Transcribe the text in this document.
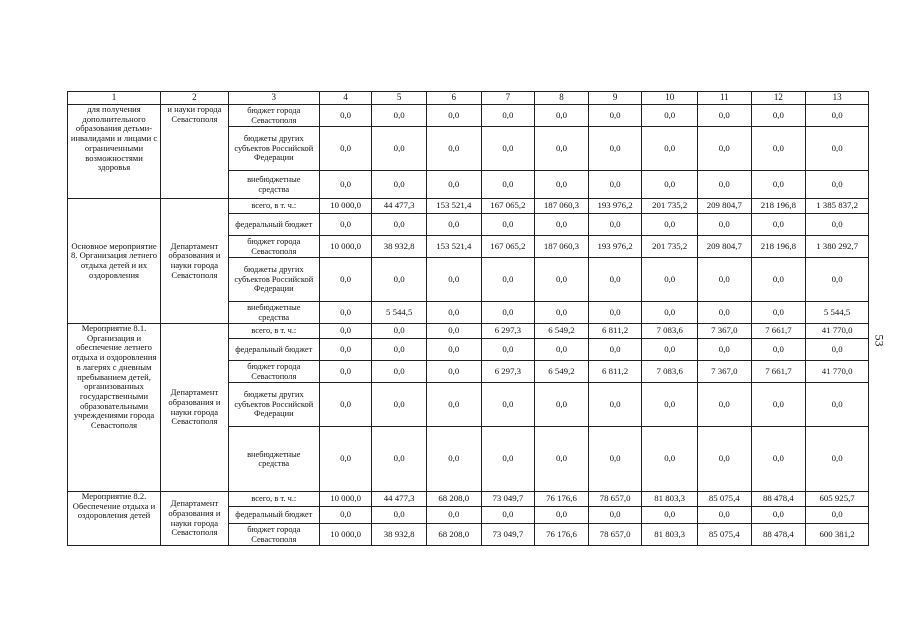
1	2	3	4	5	6	7	8	9	10	11	12	13
для получения дополнительного образования детьми-инвалидами и лицами с ограниченными возможностями здоровья	и науки города Севастополя	бюджет города Севастополя	0,0	0,0	0,0	0,0	0,0	0,0	0,0	0,0	0,0	0,0
		бюджеты других субъектов Российской Федерации	0,0	0,0	0,0	0,0	0,0	0,0	0,0	0,0	0,0	0,0
		внебюджетные средства	0,0	0,0	0,0	0,0	0,0	0,0	0,0	0,0	0,0	0,0
Основное мероприятие 8. Организация летнего отдыха детей и их оздоровления	Департамент образования и науки города Севастополя	всего, в т. ч.:	10 000,0	44 477,3	153 521,4	167 065,2	187 060,3	193 976,2	201 735,2	209 804,7	218 196,8	1 385 837,2
		федеральный бюджет	0,0	0,0	0,0	0,0	0,0	0,0	0,0	0,0	0,0	0,0
		бюджет города Севастополя	10 000,0	38 932,8	153 521,4	167 065,2	187 060,3	193 976,2	201 735,2	209 804,7	218 196,8	1 380 292,7
		бюджеты других субъектов Российской Федерации	0,0	0,0	0,0	0,0	0,0	0,0	0,0	0,0	0,0	0,0
		внебюджетные средства	0,0	5 544,5	0,0	0,0	0,0	0,0	0,0	0,0	0,0	5 544,5
Мероприятие 8.1. Организация и обеспечение летнего отдыха и оздоровления в лагерях с дневным пребыванием детей, организованных государственными образовательными учреждениями города Севастополя	Департамент образования и науки города Севастополя	всего, в т. ч.:	0,0	0,0	0,0	6 297,3	6 549,2	6 811,2	7 083,6	7 367,0	7 661,7	41 770,0
		федеральный бюджет	0,0	0,0	0,0	0,0	0,0	0,0	0,0	0,0	0,0	0,0
		бюджет города Севастополя	0,0	0,0	0,0	6 297,3	6 549,2	6 811,2	7 083,6	7 367,0	7 661,7	41 770,0
		бюджеты других субъектов Российской Федерации	0,0	0,0	0,0	0,0	0,0	0,0	0,0	0,0	0,0	0,0
		внебюджетные средства	0,0	0,0	0,0	0,0	0,0	0,0	0,0	0,0	0,0	0,0
Мероприятие 8.2. Обеспечение отдыха и оздоровления детей	Департамент образования и науки города Севастополя	всего, в т. ч.:	10 000,0	44 477,3	68 208,0	73 049,7	76 176,6	78 657,0	81 803,3	85 075,4	88 478,4	605 925,7
		федеральный бюджет	0,0	0,0	0,0	0,0	0,0	0,0	0,0	0,0	0,0	0,0
		бюджет города Севастополя	10 000,0	38 932,8	68 208,0	73 049,7	76 176,6	78 657,0	81 803,3	85 075,4	88 478,4	600 381,2
53
